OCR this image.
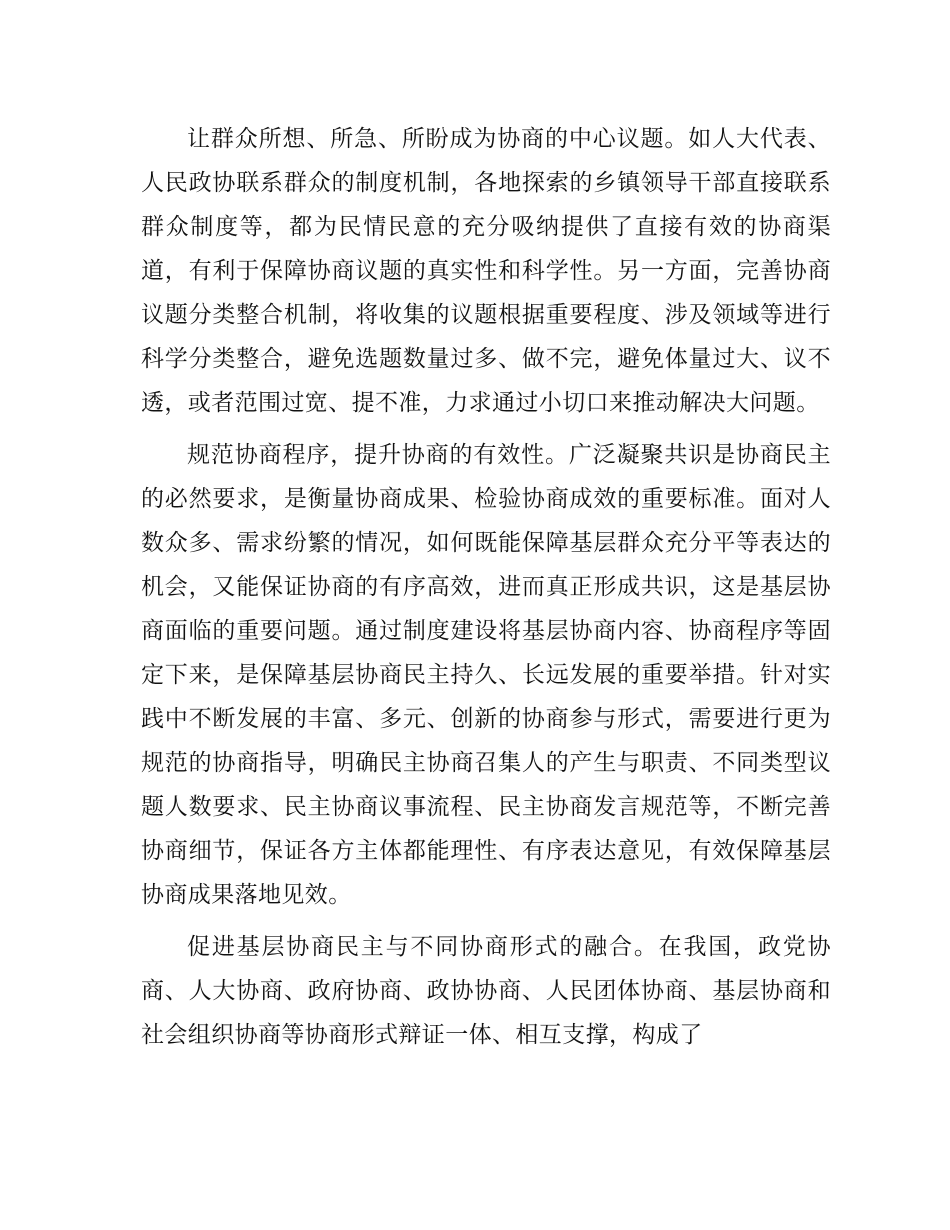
让群众所想、所急、所盼成为协商的中心议题。如人大代表、人民政协联系群众的制度机制，各地探索的乡镇领导干部直接联系群众制度等，都为民情民意的充分吸纳提供了直接有效的协商渠道，有利于保障协商议题的真实性和科学性。另一方面，完善协商议题分类整合机制，将收集的议题根据重要程度、涉及领域等进行科学分类整合，避免选题数量过多、做不完，避免体量过大、议不透，或者范围过宽、提不准，力求通过小切口来推动解决大问题。

规范协商程序，提升协商的有效性。广泛凝聚共识是协商民主的必然要求，是衡量协商成果、检验协商成效的重要标准。面对人数众多、需求纷繁的情况，如何既能保障基层群众充分平等表达的机会，又能保证协商的有序高效，进而真正形成共识，这是基层协商面临的重要问题。通过制度建设将基层协商内容、协商程序等固定下来，是保障基层协商民主持久、长远发展的重要举措。针对实践中不断发展的丰富、多元、创新的协商参与形式，需要进行更为规范的协商指导，明确民主协商召集人的产生与职责、不同类型议题人数要求、民主协商议事流程、民主协商发言规范等，不断完善协商细节，保证各方主体都能理性、有序表达意见，有效保障基层协商成果落地见效。

促进基层协商民主与不同协商形式的融合。在我国，政党协商、人大协商、政府协商、政协协商、人民团体协商、基层协商和社会组织协商等协商形式辩证一体、相互支撑，构成了
